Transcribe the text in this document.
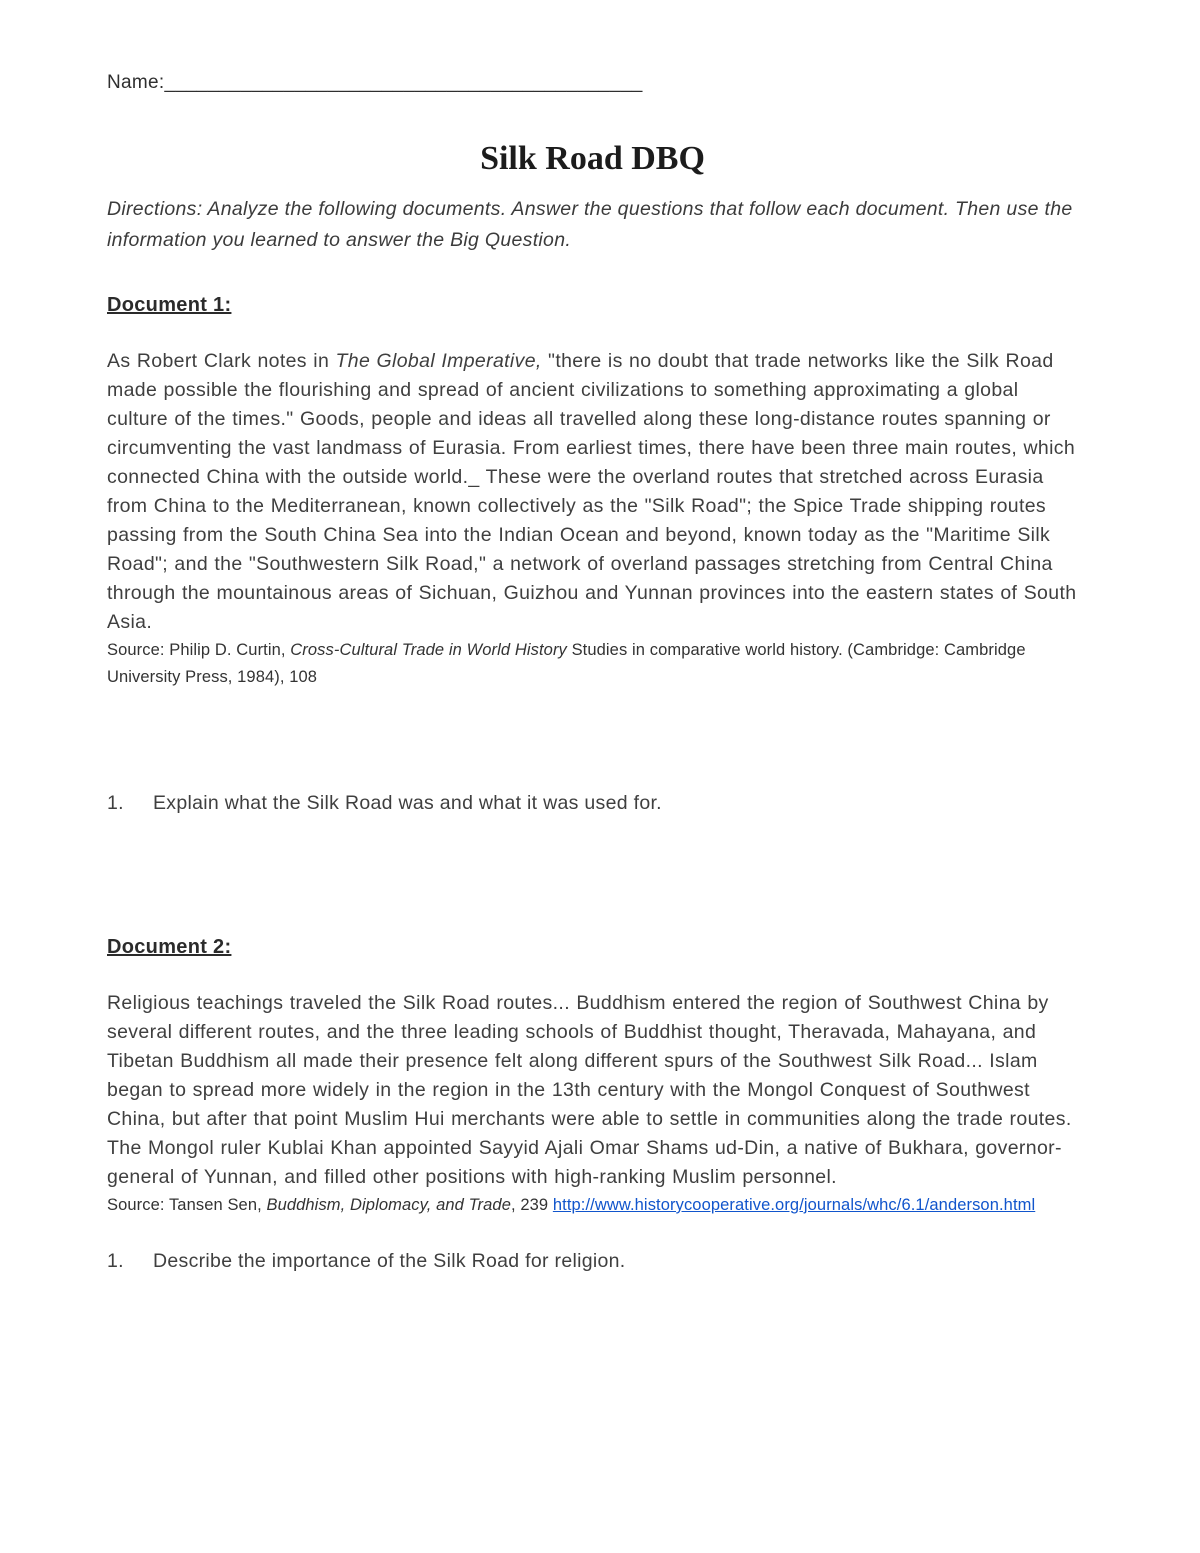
Name:____________________________________________
Silk Road DBQ

Directions: Analyze the following documents. Answer the questions that follow each document. Then use the information you learned to answer the Big Question.

Document 1:

As Robert Clark notes in The Global Imperative, "there is no doubt that trade networks like the Silk Road made possible the flourishing and spread of ancient civilizations to something approximating a global culture of the times." Goods, people and ideas all travelled along these long-distance routes spanning or circumventing the vast landmass of Eurasia. From earliest times, there have been three main routes, which connected China with the outside world._ These were the overland routes that stretched across Eurasia from China to the Mediterranean, known collectively as the "Silk Road"; the Spice Trade shipping routes passing from the South China Sea into the Indian Ocean and beyond, known today as the "Maritime Silk Road"; and the "Southwestern Silk Road," a network of overland passages stretching from Central China through the mountainous areas of Sichuan, Guizhou and Yunnan provinces into the eastern states of South Asia.

Source: Philip D. Curtin, Cross-Cultural Trade in World History Studies in comparative world history. (Cambridge: Cambridge University Press, 1984), 108

1.	Explain what the Silk Road was and what it was used for.
Document 2:

Religious teachings traveled the Silk Road routes... Buddhism entered the region of Southwest China by several different routes, and the three leading schools of Buddhist thought, Theravada, Mahayana, and Tibetan Buddhism all made their presence felt along different spurs of the Southwest Silk Road... Islam began to spread more widely in the region in the 13th century with the Mongol Conquest of Southwest China, but after that point Muslim Hui merchants were able to settle in communities along the trade routes. The Mongol ruler Kublai Khan appointed Sayyid Ajali Omar Shams ud-Din, a native of Bukhara, governor-general of Yunnan, and filled other positions with high-ranking Muslim personnel.

Source: Tansen Sen, Buddhism, Diplomacy, and Trade, 239 http://www.historycooperative.org/journals/whc/6.1/anderson.html

1.	Describe the importance of the Silk Road for religion.
